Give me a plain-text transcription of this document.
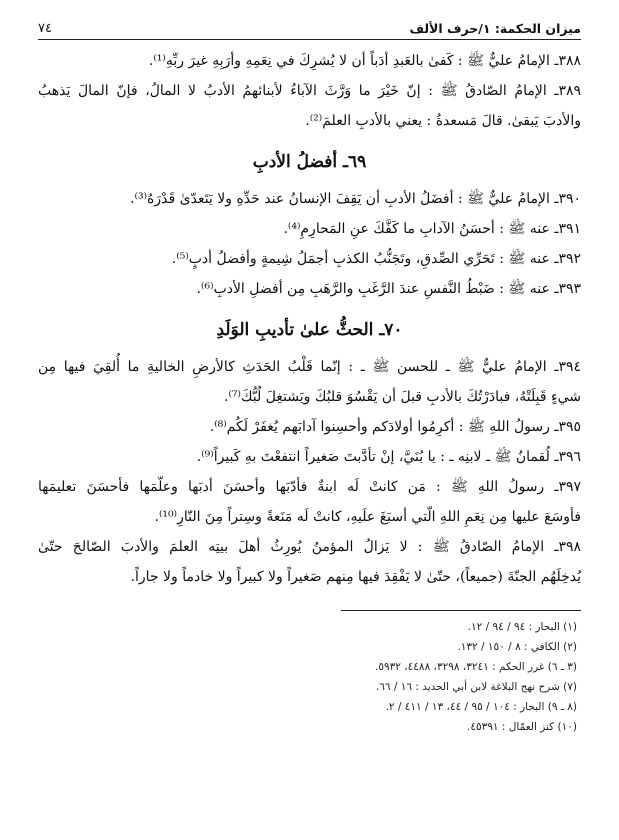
ميزان الحكمة: ١/حرف الألف
٧٤
٣٨٨ـ الإمامُ عليٌّ ﷺ : كَفىٰ بالعَبدِ أدَباً أن لا يُشرِكَ في نِعَمِهِ وأرَبِهِ غيرَ ربِّهِ⁽¹⁾.
٣٨٩ـ الإمامُ الصّادقُ ﷺ : إنّ خَيْرَ ما وَرَّثَ الآباءُ لأبنائهمُ الأدبُ لا المالُ، فإنّ المالَ يَذهبُ
والأدبَ يَبقىٰ. قالَ مَسعدةُ : يعني بالأدبِ العلمَ⁽²⁾.
٦٩ـ أفضلُ الأدبِ
٣٩٠ـ الإمامُ عليٌّ ﷺ : أفضَلُ الأدبِ أن يَقِفَ الإنسانُ عند حَدِّهِ ولا يَتَعدّىٰ قَدْرَهُ⁽³⁾.
٣٩١ـ عنه ﷺ : أحسَنُ الآدابِ ما كَفَّكَ عنِ المَحارِمِ⁽⁴⁾.
٣٩٢ـ عنه ﷺ : تَحَرِّي الصِّدقِ، وتَجَنُّبُ الكذبِ أجمَلُ شِيمةٍ وأفضلُ أدبٍ⁽⁵⁾.
٣٩٣ـ عنه ﷺ : ضَبْطُ النَّفسِ عندَ الرَّغَبِ والرَّهَبِ مِن أفضلِ الأدبِ⁽⁶⁾.
٧٠ـ الحثُّ علىٰ تأديبِ الوَلَدِ
٣٩٤ـ الإمامُ عليٌّ ﷺ ـ للحسن ﷺ ـ : إنّما قَلْبُ الحَدَثِ كالأرضِ الخاليةِ ما أُلقِيَ فيها مِن
شيءٍ قَبِلَتْهُ، فبادَرْتُكَ بالأدبِ قبلَ أن يَقْسُوَ قلبُكَ ويَشتغِلَ لُبُّكَ⁽⁷⁾.
٣٩٥ـ رسولُ اللهِ ﷺ : أكرِمُوا أولادَكم وأحسِنوا آدابَهم يُغفَرْ لَكُم⁽⁸⁾.
٣٩٦ـ لُقمانُ ﷺ ـ لابنِه ـ : يا بُنَيَّ، إنْ تأدَّبتَ صَغيراً انتفعْتَ بهِ كَبيراً⁽⁹⁾.
٣٩٧ـ رسولُ اللهِ ﷺ : مَن كانتْ لَه ابنةٌ فأدّبَها وأحسَنَ أدبَها وعلّمَها فأحسَنَ تعليمَها
فأوسَعَ عليها مِن نِعَمِ اللهِ الّتي أسبَغَ علَيهِ، كانتْ لَه مَنَعةً وسِتراً مِنَ النّارِ⁽¹⁰⁾.
٣٩٨ـ الإمامُ الصّادقُ ﷺ : لا يَزالُ المؤمنُ يُورِثُ أهلَ بيتِه العلمَ والأدبَ الصّالحَ حتّىٰ
يُدخِلَهُم الجنّةَ (جميعاً)، حتّىٰ لا يَفْقِدَ فيها مِنهم صَغيراً ولا كبيراً ولا خادماً ولا جاراً.
(١) البحار : ٩٤ / ٩٤ / ١٢.
(٢) الكافي : ٨ / ١٥٠ / ١٣٢.
(٣ ـ ٦) غرر الحكم : ٣٢٤١، ٣٢٩٨، ٤٤٨٨، ٥٩٣٢.
(٧) شرح نهج البلاغة لابن أبي الحديد : ١٦ / ٦٦.
(٨ ـ ٩) البحار : ١٠٤ / ٩٥ / ٤٤، ١٣ / ٤١١ / ٢.
(١٠) كنز العمّال : ٤٥٣٩١.
